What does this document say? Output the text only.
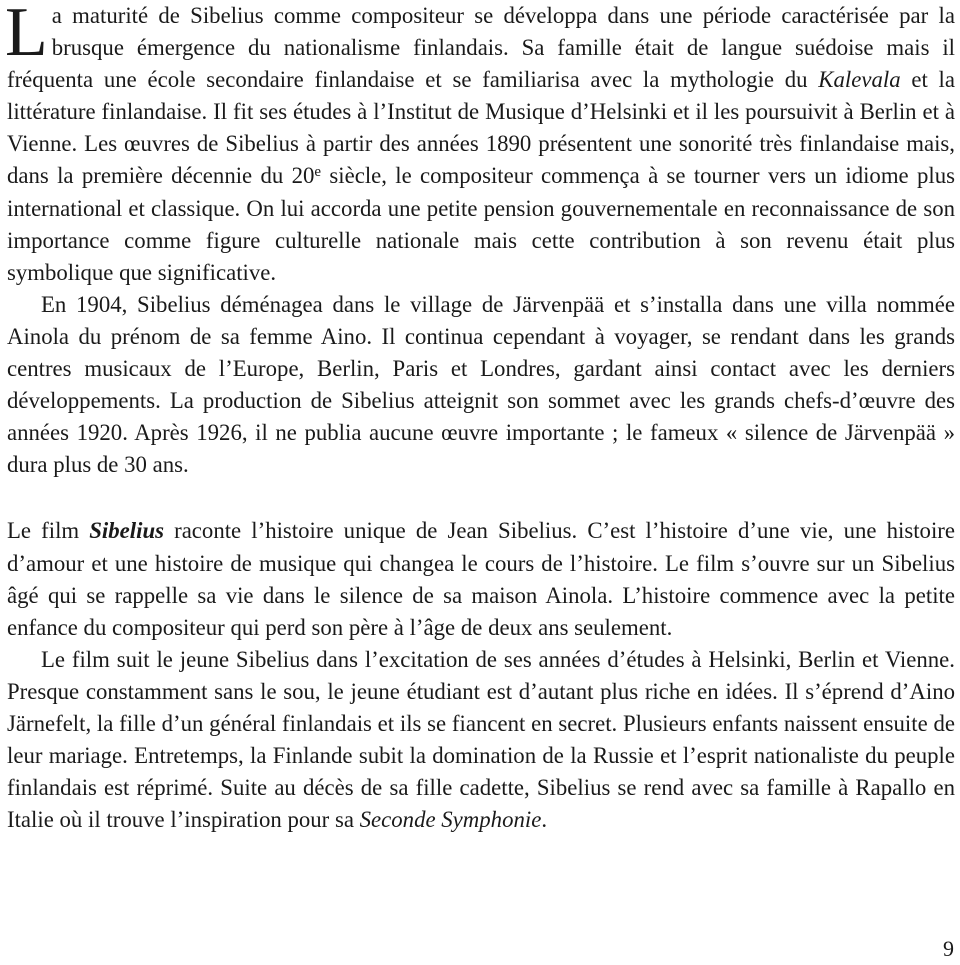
La maturité de Sibelius comme compositeur se développa dans une période caractérisée par la brusque émergence du nationalisme finlandais. Sa famille était de langue suédoise mais il fréquenta une école secondaire finlandaise et se familiarisa avec la mythologie du Kalevala et la littérature finlandaise. Il fit ses études à l’Institut de Musique d’Helsinki et il les poursuivit à Berlin et à Vienne. Les œuvres de Sibelius à partir des années 1890 présentent une sonorité très finlandaise mais, dans la première décennie du 20e siècle, le compositeur commença à se tourner vers un idiome plus international et classique. On lui accorda une petite pension gouvernementale en reconnaissance de son importance comme figure culturelle nationale mais cette contribution à son revenu était plus symbolique que significative.

En 1904, Sibelius déménagea dans le village de Järvenpää et s’installa dans une villa nommée Ainola du prénom de sa femme Aino. Il continua cependant à voyager, se rendant dans les grands centres musicaux de l’Europe, Berlin, Paris et Londres, gardant ainsi contact avec les derniers développements. La production de Sibelius atteignit son sommet avec les grands chefs-d’œuvre des années 1920. Après 1926, il ne publia aucune œuvre importante ; le fameux « silence de Järvenpää » dura plus de 30 ans.

Le film Sibelius raconte l’histoire unique de Jean Sibelius. C’est l’histoire d’une vie, une histoire d’amour et une histoire de musique qui changea le cours de l’histoire. Le film s’ouvre sur un Sibelius âgé qui se rappelle sa vie dans le silence de sa maison Ainola. L’histoire commence avec la petite enfance du compositeur qui perd son père à l’âge de deux ans seulement.

Le film suit le jeune Sibelius dans l’excitation de ses années d’études à Helsinki, Berlin et Vienne. Presque constamment sans le sou, le jeune étudiant est d’autant plus riche en idées. Il s’éprend d’Aino Järnefelt, la fille d’un général finlandais et ils se fiancent en secret. Plusieurs enfants naissent ensuite de leur mariage. Entretemps, la Finlande subit la domination de la Russie et l’esprit nationaliste du peuple finlandais est réprimé. Suite au décès de sa fille cadette, Sibelius se rend avec sa famille à Rapallo en Italie où il trouve l’inspiration pour sa Seconde Symphonie.

9
